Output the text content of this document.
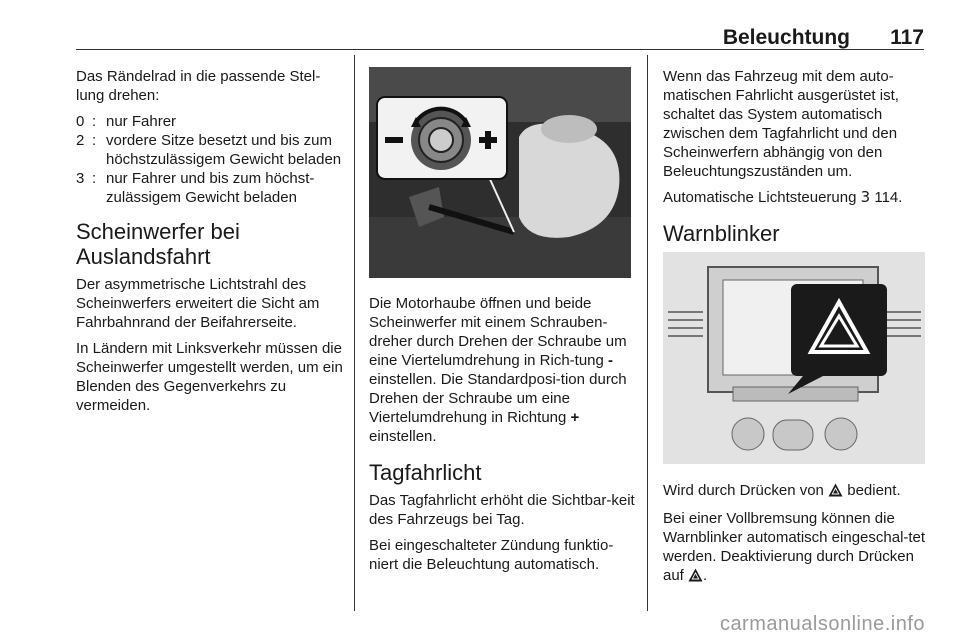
Beleuchtung 117

Das Rändelrad in die passende Stel-lung drehen:

0 : nur Fahrer
2 : vordere Sitze besetzt und bis zum höchstzulässigem Gewicht beladen
3 : nur Fahrer und bis zum höchst-zulässigem Gewicht beladen
Scheinwerfer bei Auslandsfahrt

Der asymmetrische Lichtstrahl des Scheinwerfers erweitert die Sicht am Fahrbahnrand der Beifahrerseite.

In Ländern mit Linksverkehr müssen die Scheinwerfer umgestellt werden, um ein Blenden des Gegenverkehrs zu vermeiden.

Die Motorhaube öffnen und beide Scheinwerfer mit einem Schrauben-dreher durch Drehen der Schraube um eine Viertelumdrehung in Rich-tung - einstellen. Die Standardposi-tion durch Drehen der Schraube um eine Viertelumdrehung in Richtung + einstellen.

Tagfahrlicht

Das Tagfahrlicht erhöht die Sichtbar-keit des Fahrzeugs bei Tag.

Bei eingeschalteter Zündung funktio-niert die Beleuchtung automatisch.

Wenn das Fahrzeug mit dem auto-matischen Fahrlicht ausgerüstet ist, schaltet das System automatisch zwischen dem Tagfahrlicht und den Scheinwerfern abhängig von den Beleuchtungszuständen um.

Automatische Lichtsteuerung 3 114.

Warnblinker

Wird durch Drücken von  bedient.

Bei einer Vollbremsung können die Warnblinker automatisch eingeschal-tet werden. Deaktivierung durch Drücken auf .

carmanualsonline.info
